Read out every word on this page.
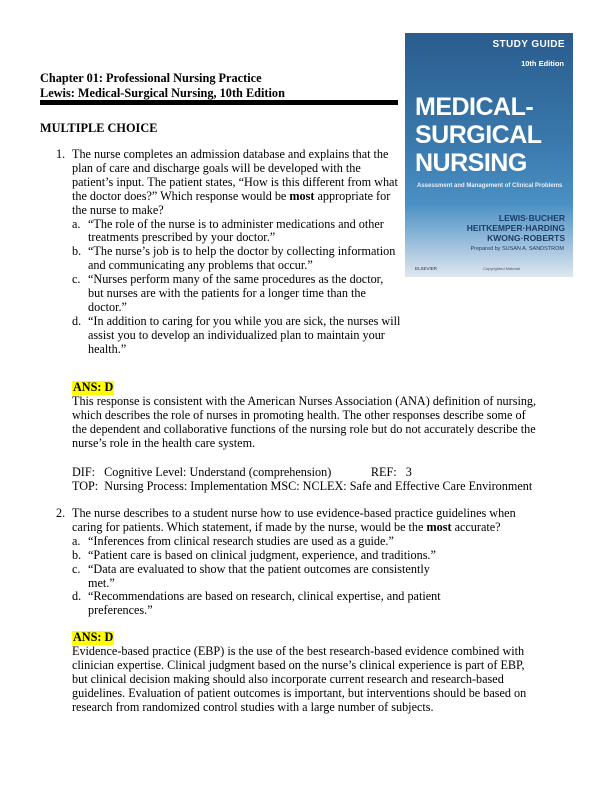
Chapter 01: Professional Nursing Practice
Lewis: Medical-Surgical Nursing, 10th Edition
MULTIPLE CHOICE
1. The nurse completes an admission database and explains that the plan of care and discharge goals will be developed with the patient’s input. The patient states, “How is this different from what the doctor does?” Which response would be most appropriate for the nurse to make?
a. “The role of the nurse is to administer medications and other treatments prescribed by your doctor.”
b. “The nurse’s job is to help the doctor by collecting information and communicating any problems that occur.”
c. “Nurses perform many of the same procedures as the doctor, but nurses are with the patients for a longer time than the doctor.”
d. “In addition to caring for you while you are sick, the nurses will assist you to develop an individualized plan to maintain your health.”
ANS: D

This response is consistent with the American Nurses Association (ANA) definition of nursing, which describes the role of nurses in promoting health. The other responses describe some of the dependent and collaborative functions of the nursing role but do not accurately describe the nurse’s role in the health care system.

DIF:   Cognitive Level: Understand (comprehension)             REF:   3
TOP:  Nursing Process: Implementation MSC: NCLEX: Safe and Effective Care Environment
2. The nurse describes to a student nurse how to use evidence-based practice guidelines when caring for patients. Which statement, if made by the nurse, would be the most accurate?
a. “Inferences from clinical research studies are used as a guide.”
b. “Patient care is based on clinical judgment, experience, and traditions.”
c. “Data are evaluated to show that the patient outcomes are consistently met.”
d. “Recommendations are based on research, clinical expertise, and patient preferences.”
ANS: D

Evidence-based practice (EBP) is the use of the best research-based evidence combined with clinician expertise. Clinical judgment based on the nurse’s clinical experience is part of EBP, but clinical decision making should also incorporate current research and research-based guidelines. Evaluation of patient outcomes is important, but interventions should be based on research from randomized control studies with a large number of subjects.

STUDY GUIDE
10th Edition
MEDICAL-
SURGICAL
NURSING
Assessment and Management of Clinical Problems
LEWIS·BUCHER
HEITKEMPER·HARDING
KWONG·ROBERTS
Prepared by SUSAN A. SANDSTROM
ELSEVIER	Copyrighted Material
